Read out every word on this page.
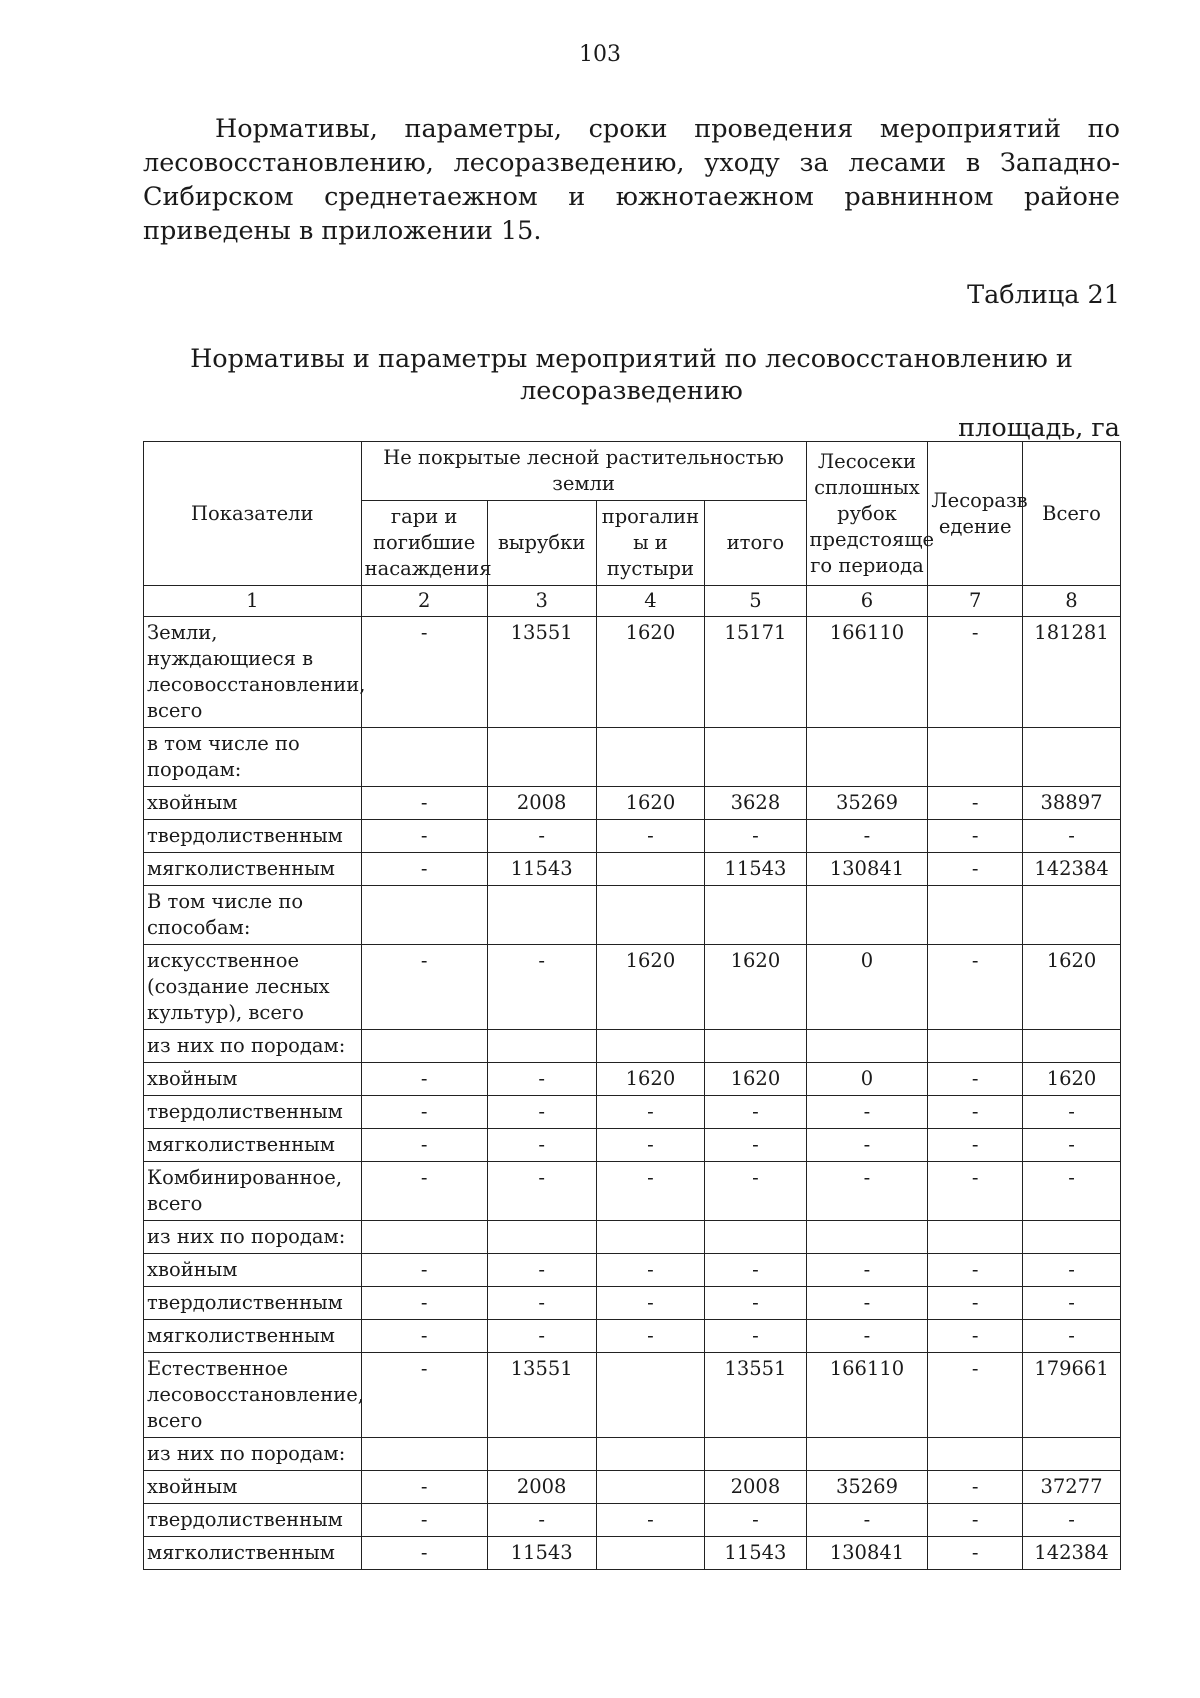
103

Нормативы, параметры, сроки проведения мероприятий по лесовосстановлению, лесоразведению, уходу за лесами в Западно-Сибирском среднетаежном и южнотаежном равнинном районе приведены в приложении 15.

Таблица 21
Нормативы и параметры мероприятий по лесовосстановлению и лесоразведению
площадь, га
Показатели	Не покрытые лесной растительностью земли				Лесосеки сплошных рубок предстояще го периода	Лесоразв едение	Всего
	гари и погибшие насаждения	вырубки	прогалин ы и пустыри	итого			
1	2	3	4	5	6	7	8
Земли, нуждающиеся в лесовосстановлении, всего	-	13551	1620	15171	166110	-	181281
в том числе по породам:							
хвойным	-	2008	1620	3628	35269	-	38897
твердолиственным	-	-	-	-	-	-	-
мягколиственным	-	11543		11543	130841	-	142384
В том числе по способам:							
искусственное (создание лесных культур), всего	-	-	1620	1620	0	-	1620
из них по породам:							
хвойным	-	-	1620	1620	0	-	1620
твердолиственным	-	-	-	-	-	-	-
мягколиственным	-	-	-	-	-	-	-
Комбинированное, всего	-	-	-	-	-	-	-
из них по породам:							
хвойным	-	-	-	-	-	-	-
твердолиственным	-	-	-	-	-	-	-
мягколиственным	-	-	-	-	-	-	-
Естественное лесовосстановление, всего	-	13551		13551	166110	-	179661
из них по породам:							
хвойным	-	2008		2008	35269	-	37277
твердолиственным	-	-	-	-	-	-	-
мягколиственным	-	11543		11543	130841	-	142384
